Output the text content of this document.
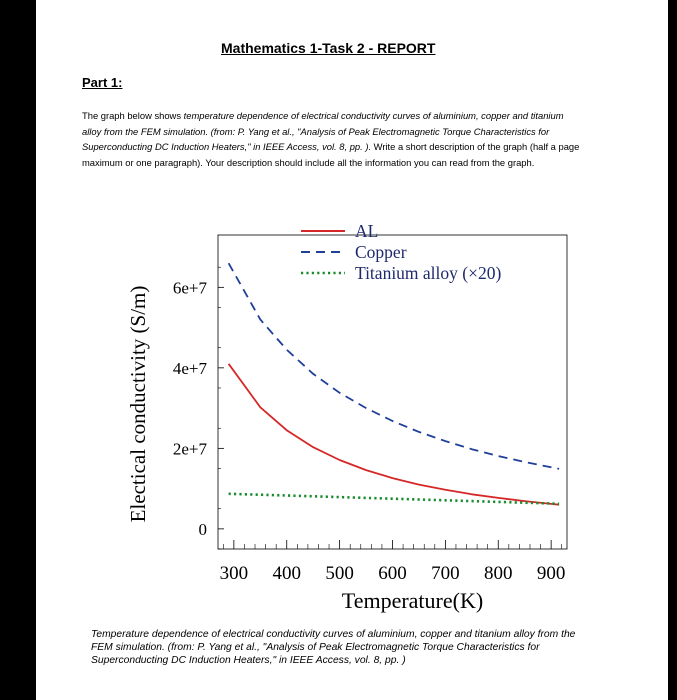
Mathematics 1-Task 2 - REPORT
Part 1:
The graph below shows temperature dependence of electrical conductivity curves of aluminium, copper and titanium alloy from the FEM simulation. (from: P. Yang et al., "Analysis of Peak Electromagnetic Torque Characteristics for Superconducting DC Induction Heaters," in IEEE Access, vol. 8, pp. ). Write a short description of the graph (half a page maximum or one paragraph). Your description should include all the information you can read from the graph.
0
2e+7
4e+7
6e+7
300 400 500 600 700 800 900
Temperature(K)
Electical conductivity (S/m)
AL
Copper
Titanium alloy (×20)
Temperature dependence of electrical conductivity curves of aluminium, copper and titanium alloy from the FEM simulation. (from: P. Yang et al., "Analysis of Peak Electromagnetic Torque Characteristics for Superconducting DC Induction Heaters," in IEEE Access, vol. 8, pp. )
